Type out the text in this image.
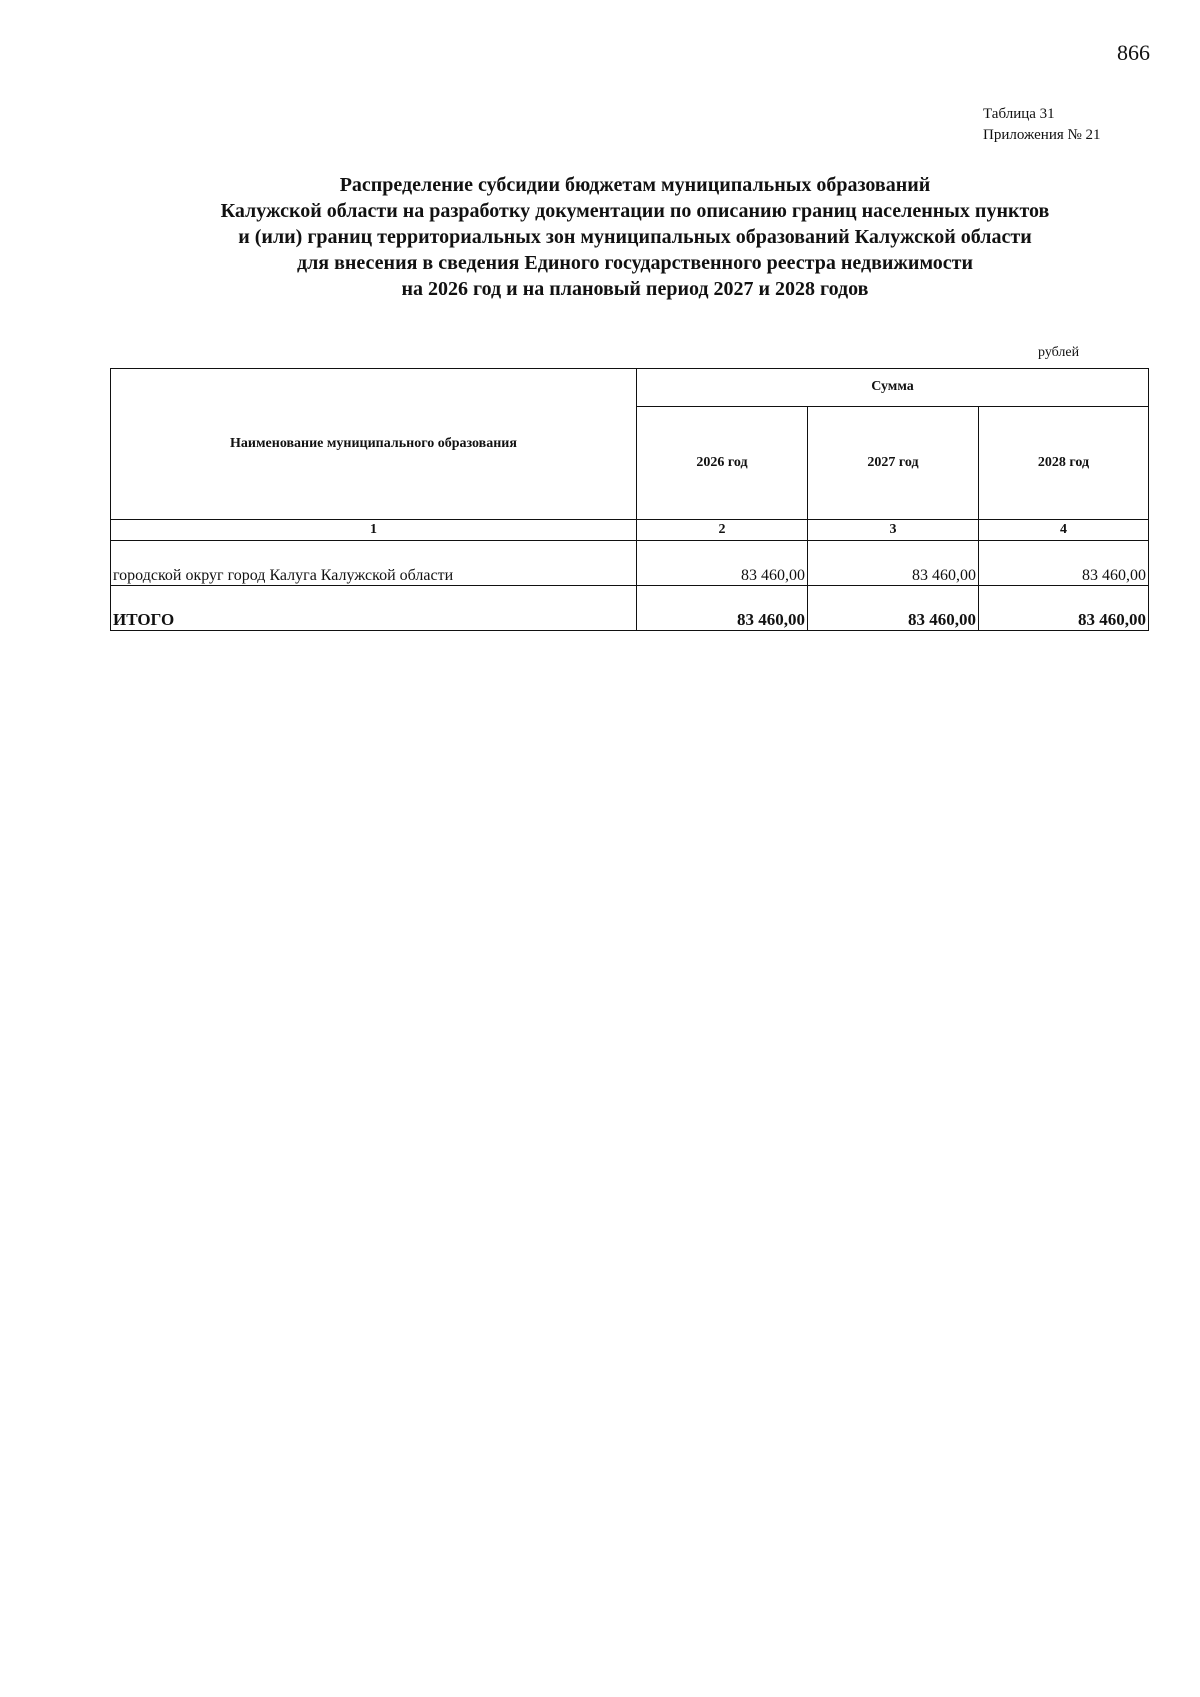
866
Таблица 31
Приложения № 21
Распределение субсидии бюджетам муниципальных образований
Калужской области на разработку документации по описанию границ населенных пунктов
и (или) границ территориальных зон муниципальных образований Калужской области
для внесения в сведения Единого государственного реестра недвижимости
на 2026 год и на плановый период 2027 и 2028 годов
рублей
Наименование муниципального образования	Сумма		
	2026 год	2027 год	2028 год
1	2	3	4
городской округ город Калуга Калужской области	83 460,00	83 460,00	83 460,00
ИТОГО	83 460,00	83 460,00	83 460,00
